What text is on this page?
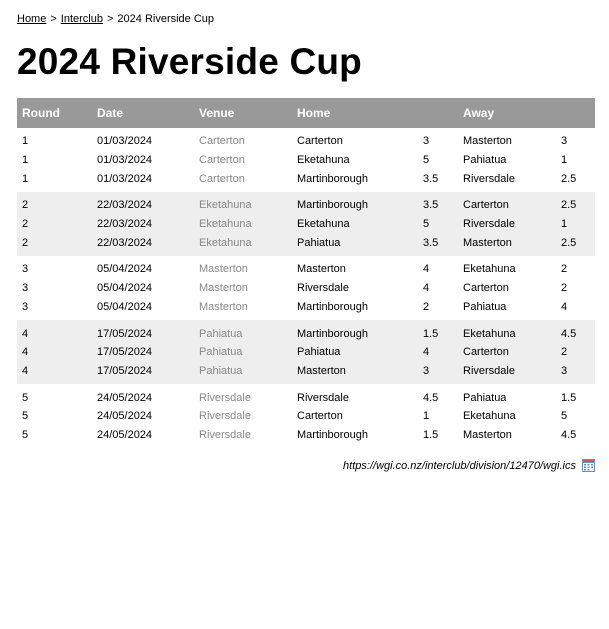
Home > Interclub > 2024 Riverside Cup
2024 Riverside Cup
Round	Date	Venue	Home		Away	
1	01/03/2024	Carterton	Carterton	3	Masterton	3
1	01/03/2024	Carterton	Eketahuna	5	Pahiatua	1
1	01/03/2024	Carterton	Martinborough	3.5	Riversdale	2.5
2	22/03/2024	Eketahuna	Martinborough	3.5	Carterton	2.5
2	22/03/2024	Eketahuna	Eketahuna	5	Riversdale	1
2	22/03/2024	Eketahuna	Pahiatua	3.5	Masterton	2.5
3	05/04/2024	Masterton	Masterton	4	Eketahuna	2
3	05/04/2024	Masterton	Riversdale	4	Carterton	2
3	05/04/2024	Masterton	Martinborough	2	Pahiatua	4
4	17/05/2024	Pahiatua	Martinborough	1.5	Eketahuna	4.5
4	17/05/2024	Pahiatua	Pahiatua	4	Carterton	2
4	17/05/2024	Pahiatua	Masterton	3	Riversdale	3
5	24/05/2024	Riversdale	Riversdale	4.5	Pahiatua	1.5
5	24/05/2024	Riversdale	Carterton	1	Eketahuna	5
5	24/05/2024	Riversdale	Martinborough	1.5	Masterton	4.5
https://wgi.co.nz/interclub/division/12470/wgi.ics
